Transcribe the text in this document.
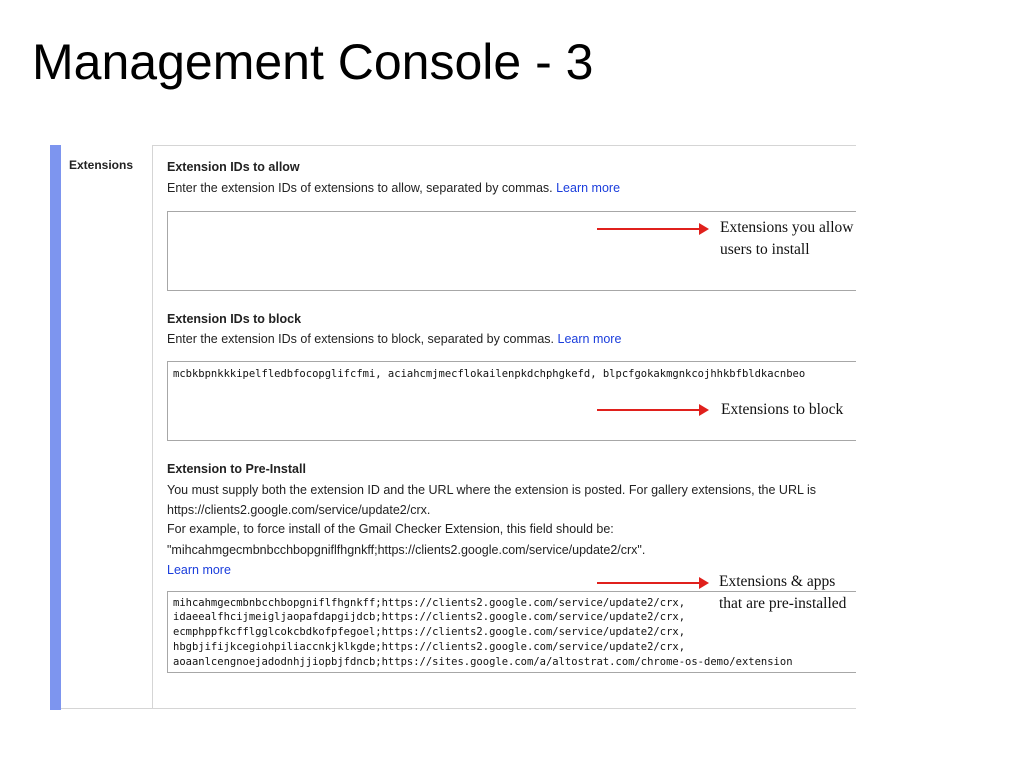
Management Console - 3
Extensions	Extension IDs to allow
Enter the extension IDs of extensions to allow, separated by commas. Learn more
Extension IDs to block
Enter the extension IDs of extensions to block, separated by commas. Learn more
mcbkbpnkkkipelfledbfocopglifcfmi, aciahcmjmecflokailenpkdchphgkefd, blpcfgokakmgnkcojhhkbfbldkacnbeo
Extension to Pre-Install
You must supply both the extension ID and the URL where the extension is posted. For gallery extensions, the URL is
https://clients2.google.com/service/update2/crx.
For example, to force install of the Gmail Checker Extension, this field should be:
"mihcahmgecmbnbcchbopgniflfhgnkff;https://clients2.google.com/service/update2/crx".
Learn more
mihcahmgecmbnbcchbopgniflfhgnkff;https://clients2.google.com/service/update2/crx,
idaeealfhcijmeigljaopafdapgijdcb;https://clients2.google.com/service/update2/crx,
ecmphppfkcfflgglcokcbdkofpfegoel;https://clients2.google.com/service/update2/crx,
hbgbjifijkcegiohpiliaccnkjklkgde;https://clients2.google.com/service/update2/crx,
aoaanlcengnoejadodnhjjiopbjfdncb;https://sites.google.com/a/altostrat.com/chrome-os-demo/extension
Extensions you allow
users to install
Extensions to block
Extensions & apps
that are pre-installed
